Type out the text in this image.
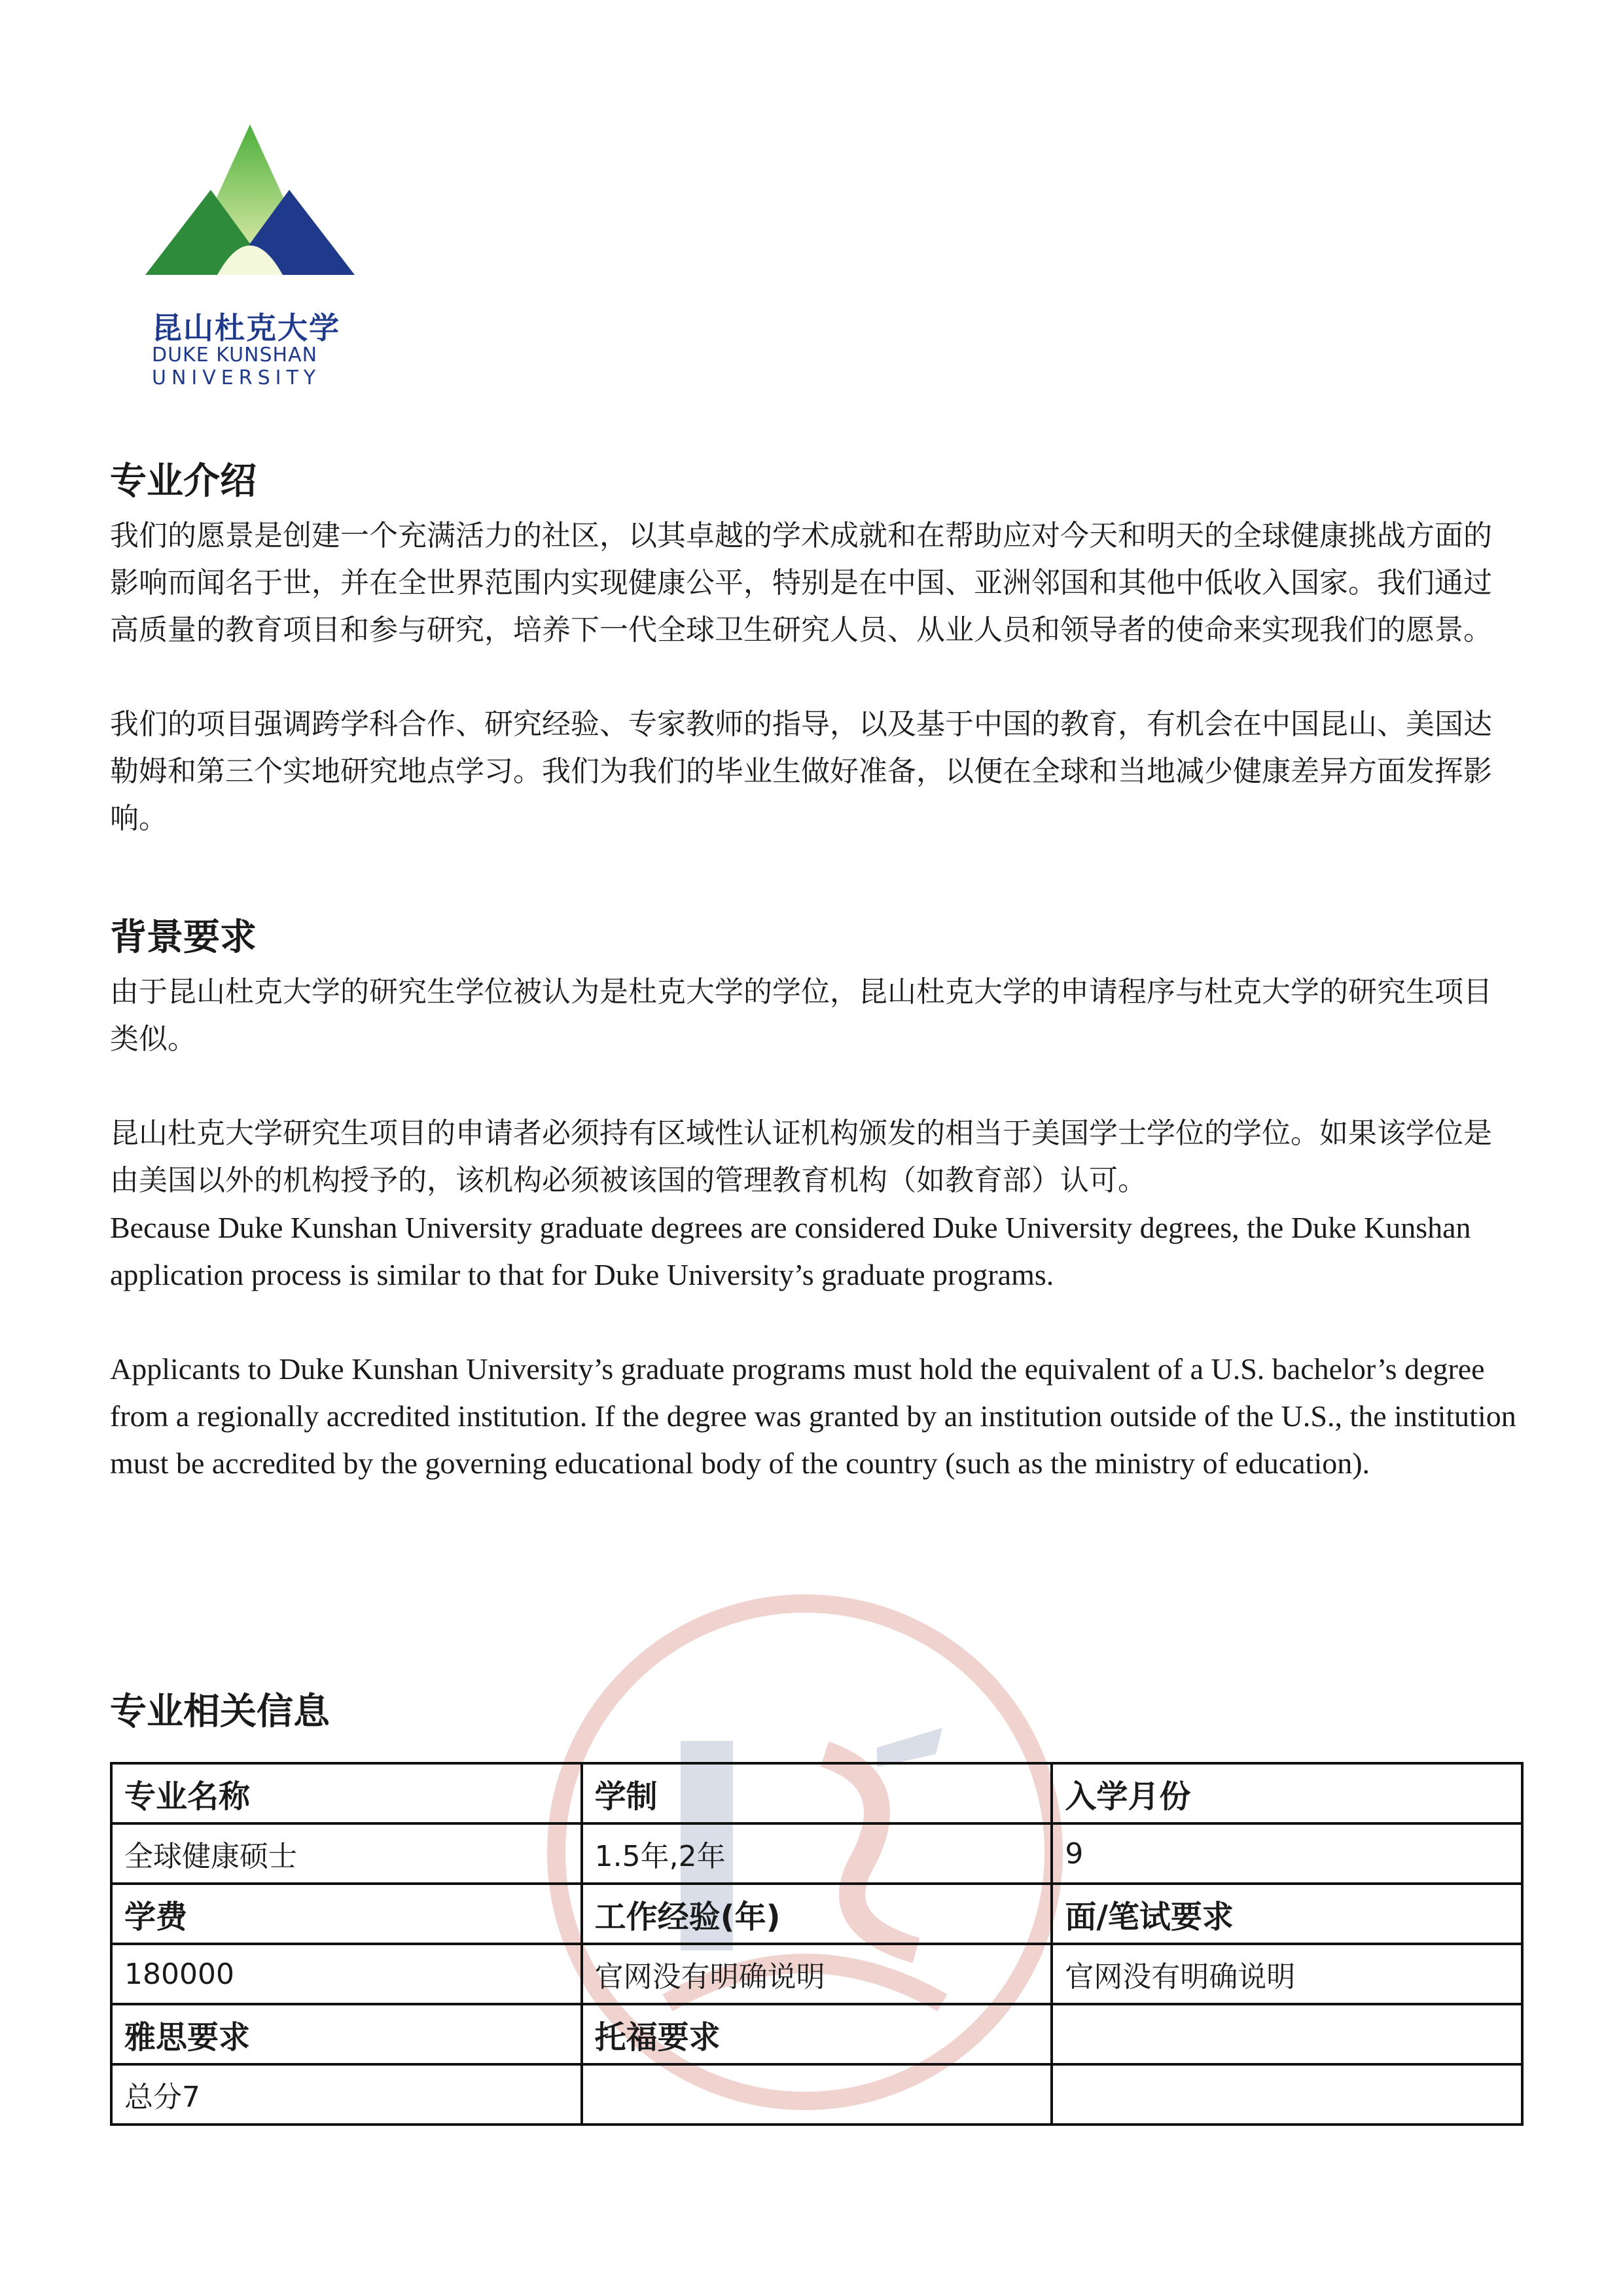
昆山杜克大学
DUKE KUNSHAN
UNIVERSITY
专业介绍

我们的愿景是创建一个充满活力的社区，以其卓越的学术成就和在帮助应对今天和明天的全球健康挑战方面的影响而闻名于世，并在全世界范围内实现健康公平，特别是在中国、亚洲邻国和其他中低收入国家。我们通过高质量的教育项目和参与研究，培养下一代全球卫生研究人员、从业人员和领导者的使命来实现我们的愿景。

我们的项目强调跨学科合作、研究经验、专家教师的指导，以及基于中国的教育，有机会在中国昆山、美国达勒姆和第三个实地研究地点学习。我们为我们的毕业生做好准备，以便在全球和当地减少健康差异方面发挥影响。

背景要求

由于昆山杜克大学的研究生学位被认为是杜克大学的学位，昆山杜克大学的申请程序与杜克大学的研究生项目类似。

昆山杜克大学研究生项目的申请者必须持有区域性认证机构颁发的相当于美国学士学位的学位。如果该学位是由美国以外的机构授予的，该机构必须被该国的管理教育机构（如教育部）认可。

Because Duke Kunshan University graduate degrees are considered Duke University degrees, the Duke Kunshan application process is similar to that for Duke University’s graduate programs.

Applicants to Duke Kunshan University’s graduate programs must hold the equivalent of a U.S. bachelor’s degree from a regionally accredited institution. If the degree was granted by an institution outside of the U.S., the institution must be accredited by the governing educational body of the country (such as the ministry of education).

专业相关信息
专业名称	学制	入学月份
全球健康硕士	1.5年,2年	9
学费	工作经验(年)	面/笔试要求
180000	官网没有明确说明	官网没有明确说明
雅思要求	托福要求	
总分7		
